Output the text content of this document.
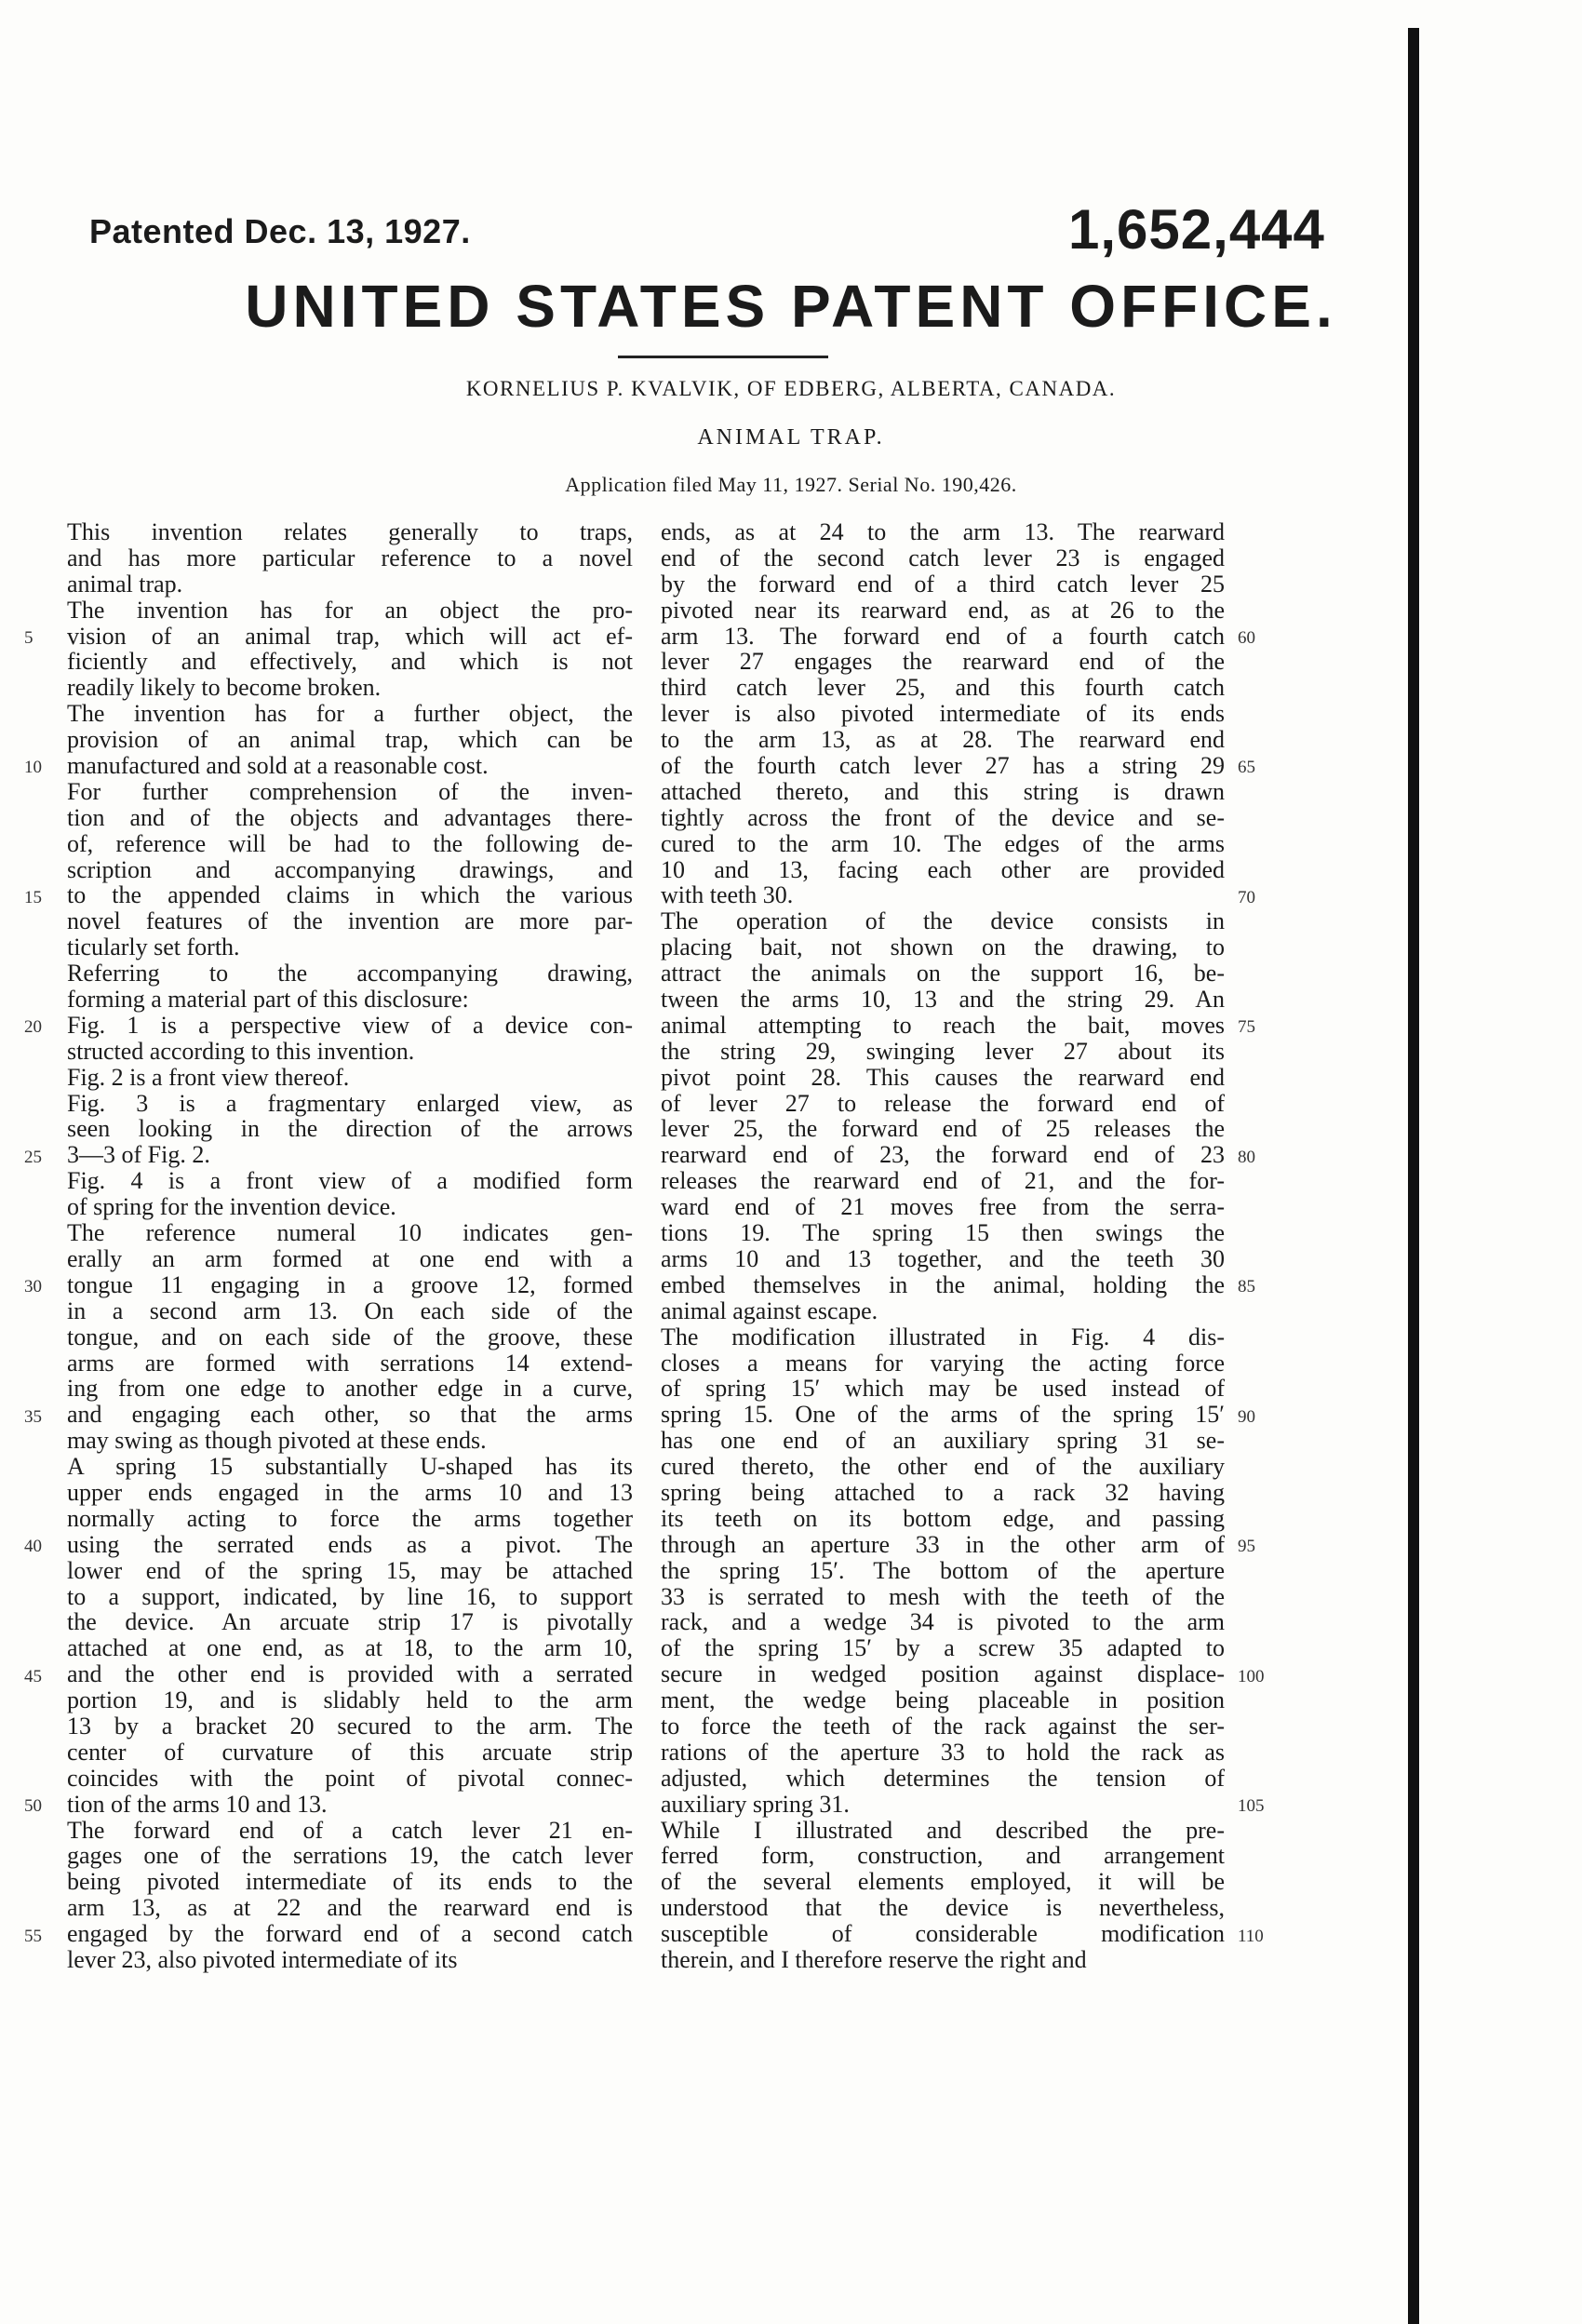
Patented Dec. 13, 1927.	1,652,444
UNITED STATES PATENT OFFICE.
KORNELIUS P. KVALVIK, OF EDBERG, ALBERTA, CANADA.
ANIMAL TRAP.
Application filed May 11, 1927. Serial No. 190,426.
This invention relates generally to traps,
and has more particular reference to a novel
animal trap.
The invention has for an object the pro-
vision of an animal trap, which will act ef-
ficiently and effectively, and which is not
readily likely to become broken.
The invention has for a further object, the
provision of an animal trap, which can be
manufactured and sold at a reasonable cost.
For further comprehension of the inven-
tion and of the objects and advantages there-
of, reference will be had to the following de-
scription and accompanying drawings, and
to the appended claims in which the various
novel features of the invention are more par-
ticularly set forth.
Referring to the accompanying drawing,
forming a material part of this disclosure:
Fig. 1 is a perspective view of a device con-
structed according to this invention.
Fig. 2 is a front view thereof.
Fig. 3 is a fragmentary enlarged view, as
seen looking in the direction of the arrows
3—3 of Fig. 2.
Fig. 4 is a front view of a modified form
of spring for the invention device.
The reference numeral 10 indicates gen-
erally an arm formed at one end with a
tongue 11 engaging in a groove 12, formed
in a second arm 13. On each side of the
tongue, and on each side of the groove, these
arms are formed with serrations 14 extend-
ing from one edge to another edge in a curve,
and engaging each other, so that the arms
may swing as though pivoted at these ends.
A spring 15 substantially U-shaped has its
upper ends engaged in the arms 10 and 13
normally acting to force the arms together
using the serrated ends as a pivot. The
lower end of the spring 15, may be attached
to a support, indicated, by line 16, to support
the device. An arcuate strip 17 is pivotally
attached at one end, as at 18, to the arm 10,
and the other end is provided with a serrated
portion 19, and is slidably held to the arm
13 by a bracket 20 secured to the arm. The
center of curvature of this arcuate strip
coincides with the point of pivotal connec-
tion of the arms 10 and 13.
The forward end of a catch lever 21 en-
gages one of the serrations 19, the catch lever
being pivoted intermediate of its ends to the
arm 13, as at 22 and the rearward end is
engaged by the forward end of a second catch
lever 23, also pivoted intermediate of its
ends, as at 24 to the arm 13. The rearward
end of the second catch lever 23 is engaged
by the forward end of a third catch lever 25
pivoted near its rearward end, as at 26 to the
arm 13. The forward end of a fourth catch
lever 27 engages the rearward end of the
third catch lever 25, and this fourth catch
lever is also pivoted intermediate of its ends
to the arm 13, as at 28. The rearward end
of the fourth catch lever 27 has a string 29
attached thereto, and this string is drawn
tightly across the front of the device and se-
cured to the arm 10. The edges of the arms
10 and 13, facing each other are provided
with teeth 30.
The operation of the device consists in
placing bait, not shown on the drawing, to
attract the animals on the support 16, be-
tween the arms 10, 13 and the string 29. An
animal attempting to reach the bait, moves
the string 29, swinging lever 27 about its
pivot point 28. This causes the rearward end
of lever 27 to release the forward end of
lever 25, the forward end of 25 releases the
rearward end of 23, the forward end of 23
releases the rearward end of 21, and the for-
ward end of 21 moves free from the serra-
tions 19. The spring 15 then swings the
arms 10 and 13 together, and the teeth 30
embed themselves in the animal, holding the
animal against escape.
The modification illustrated in Fig. 4 dis-
closes a means for varying the acting force
of spring 15′ which may be used instead of
spring 15. One of the arms of the spring 15′
has one end of an auxiliary spring 31 se-
cured thereto, the other end of the auxiliary
spring being attached to a rack 32 having
its teeth on its bottom edge, and passing
through an aperture 33 in the other arm of
the spring 15′. The bottom of the aperture
33 is serrated to mesh with the teeth of the
rack, and a wedge 34 is pivoted to the arm
of the spring 15′ by a screw 35 adapted to
secure in wedged position against displace-
ment, the wedge being placeable in position
to force the teeth of the rack against the ser-
rations of the aperture 33 to hold the rack as
adjusted, which determines the tension of
auxiliary spring 31.
While I illustrated and described the pre-
ferred form, construction, and arrangement
of the several elements employed, it will be
understood that the device is nevertheless,
susceptible of considerable modification
therein, and I therefore reserve the right and
5
10
15
20
25
30
35
40
45
50
55
60
65
70
75
80
85
90
95
100
105
110
